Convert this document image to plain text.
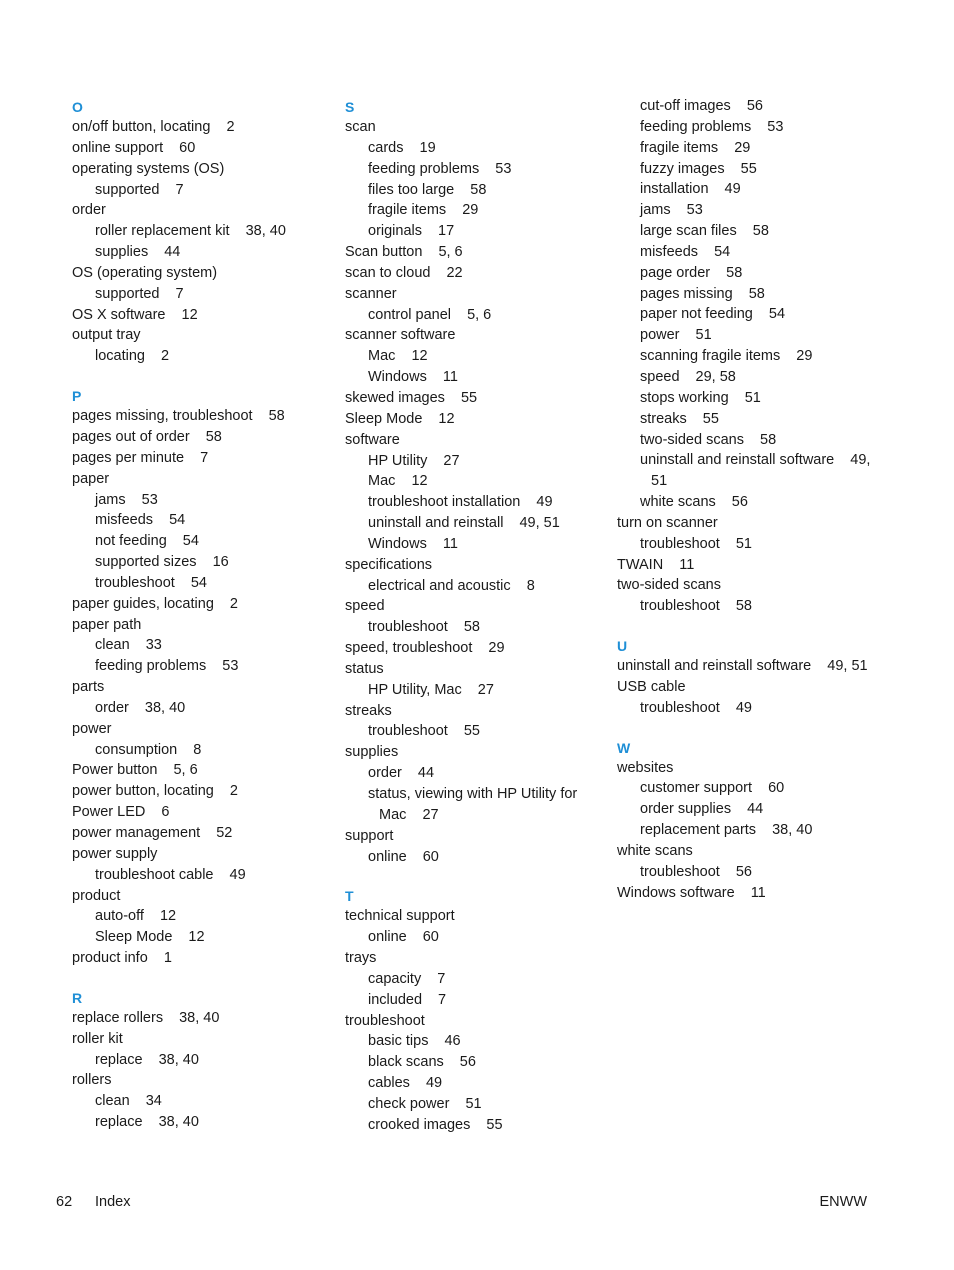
O
on/off button, locating 2
online support 60
operating systems (OS)
supported 7
order
roller replacement kit 38, 40
supplies 44
OS (operating system)
supported 7
OS X software 12
output tray
locating 2
P
pages missing, troubleshoot 58
pages out of order 58
pages per minute 7
paper
jams 53
misfeeds 54
not feeding 54
supported sizes 16
troubleshoot 54
paper guides, locating 2
paper path
clean 33
feeding problems 53
parts
order 38, 40
power
consumption 8
Power button 5, 6
power button, locating 2
Power LED 6
power management 52
power supply
troubleshoot cable 49
product
auto-off 12
Sleep Mode 12
product info 1
R
replace rollers 38, 40
roller kit
replace 38, 40
rollers
clean 34
replace 38, 40
S
scan
cards 19
feeding problems 53
files too large 58
fragile items 29
originals 17
Scan button 5, 6
scan to cloud 22
scanner
control panel 5, 6
scanner software
Mac 12
Windows 11
skewed images 55
Sleep Mode 12
software
HP Utility 27
Mac 12
troubleshoot installation 49
uninstall and reinstall 49, 51
Windows 11
specifications
electrical and acoustic 8
speed
troubleshoot 58
speed, troubleshoot 29
status
HP Utility, Mac 27
streaks
troubleshoot 55
supplies
order 44
status, viewing with HP Utility for Mac 27
support
online 60
T
technical support
online 60
trays
capacity 7
included 7
troubleshoot
basic tips 46
black scans 56
cables 49
check power 51
crooked images 55
cut-off images 56
feeding problems 53
fragile items 29
fuzzy images 55
installation 49
jams 53
large scan files 58
misfeeds 54
page order 58
pages missing 58
paper not feeding 54
power 51
scanning fragile items 29
speed 29, 58
stops working 51
streaks 55
two-sided scans 58
uninstall and reinstall software 49, 51
white scans 56
turn on scanner
troubleshoot 51
TWAIN 11
two-sided scans
troubleshoot 58
U
uninstall and reinstall software 49, 51
USB cable
troubleshoot 49
W
websites
customer support 60
order supplies 44
replacement parts 38, 40
white scans
troubleshoot 56
Windows software 11
62 Index	ENWW
